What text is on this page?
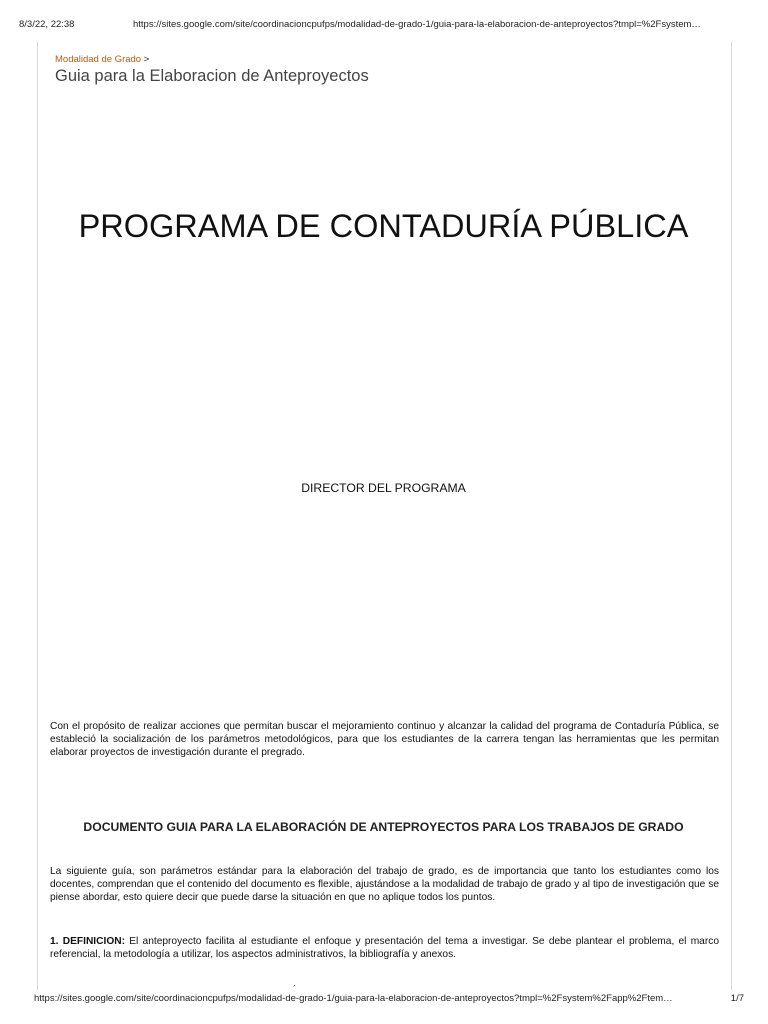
8/3/22, 22:38	https://sites.google.com/site/coordinacioncpufps/modalidad-de-grado-1/guia-para-la-elaboracion-de-anteproyectos?tmpl=%2Fsystem…
Modalidad de Grado >
Guia para la Elaboracion de Anteproyectos
PROGRAMA DE CONTADURÍA PÚBLICA
DIRECTOR DEL PROGRAMA

Con el propósito de realizar acciones que permitan buscar el mejoramiento continuo y alcanzar la calidad del programa de Contaduría Pública, se estableció la socialización de los parámetros metodológicos, para que los estudiantes de la carrera tengan las herramientas que les permitan elaborar proyectos de investigación durante el pregrado.

DOCUMENTO GUIA PARA LA ELABORACIÓN DE ANTEPROYECTOS PARA LOS TRABAJOS DE GRADO

La siguiente guía, son parámetros estándar para la elaboración del trabajo de grado, es de importancia que tanto los estudiantes como los docentes, comprendan que el contenido del documento es flexible, ajustándose a la modalidad de trabajo de grado y al tipo de investigación que se piense abordar, esto quiere decir que puede darse la situación en que no aplique todos los puntos.

1. DEFINICION: El anteproyecto facilita al estudiante el enfoque y presentación del tema a investigar. Se debe plantear el problema, el marco referencial, la metodología a utilizar, los aspectos administrativos, la bibliografía y anexos.

´
https://sites.google.com/site/coordinacioncpufps/modalidad-de-grado-1/guia-para-la-elaboracion-de-anteproyectos?tmpl=%2Fsystem%2Fapp%2Ftem…	1/7
